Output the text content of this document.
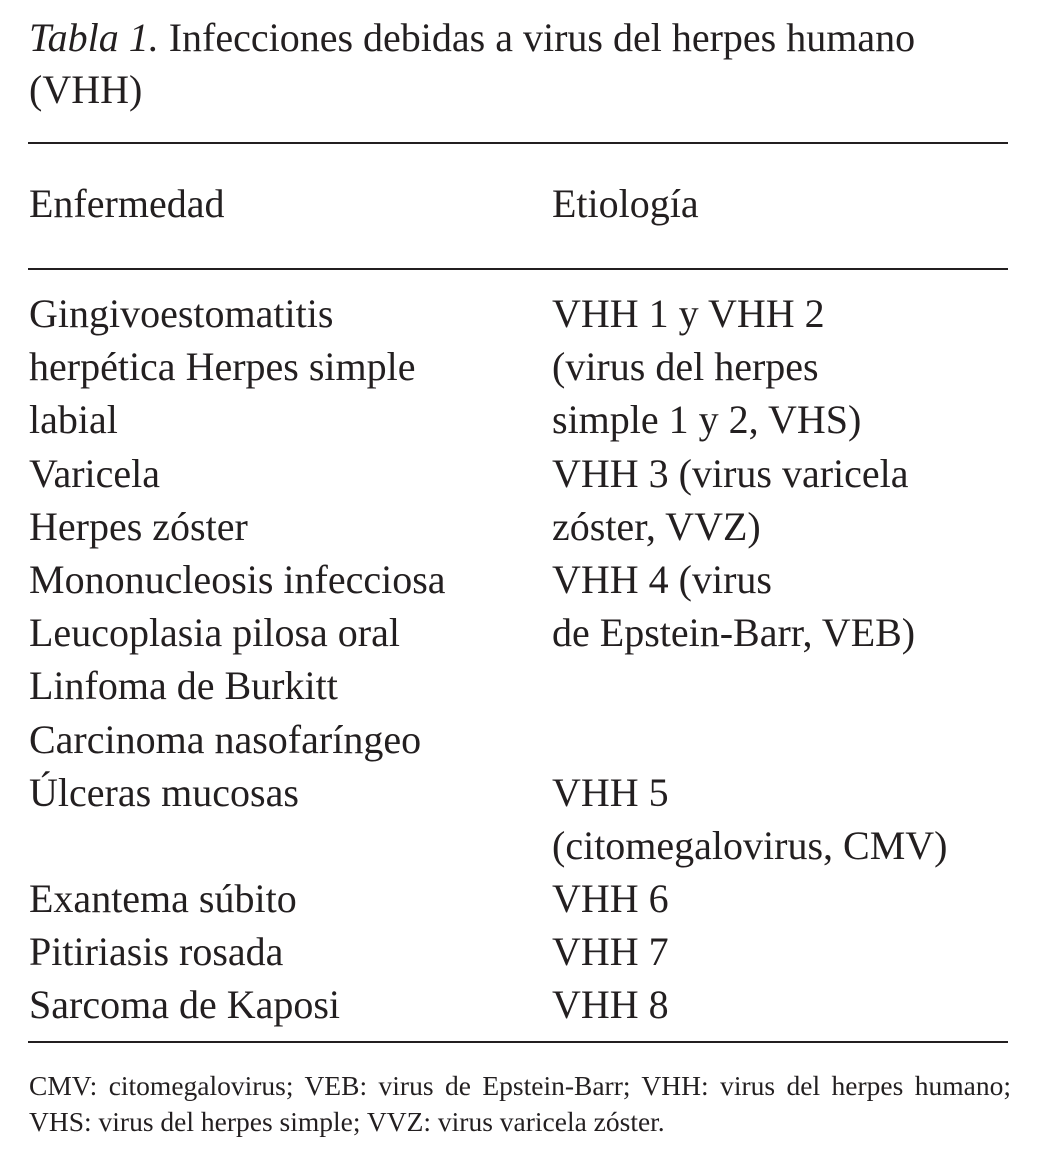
Tabla 1. Infecciones debidas a virus del herpes humano (VHH)
Enfermedad	Etiología
Gingivoestomatitis
herpética Herpes simple
labial
Varicela
Herpes zóster
Mononucleosis infecciosa
Leucoplasia pilosa oral
Linfoma de Burkitt
Carcinoma nasofaríngeo
Úlceras mucosas
Exantema súbito
Pitiriasis rosada
Sarcoma de Kaposi
VHH 1 y VHH 2
(virus del herpes
simple 1 y 2, VHS)
VHH 3 (virus varicela
zóster, VVZ)
VHH 4 (virus
de Epstein-Barr, VEB)
VHH 5
(citomegalovirus, CMV)
VHH 6
VHH 7
VHH 8
CMV: citomegalovirus; VEB: virus de Epstein-Barr; VHH: virus del herpes humano; VHS: virus del herpes simple; VVZ: virus varicela zóster.
